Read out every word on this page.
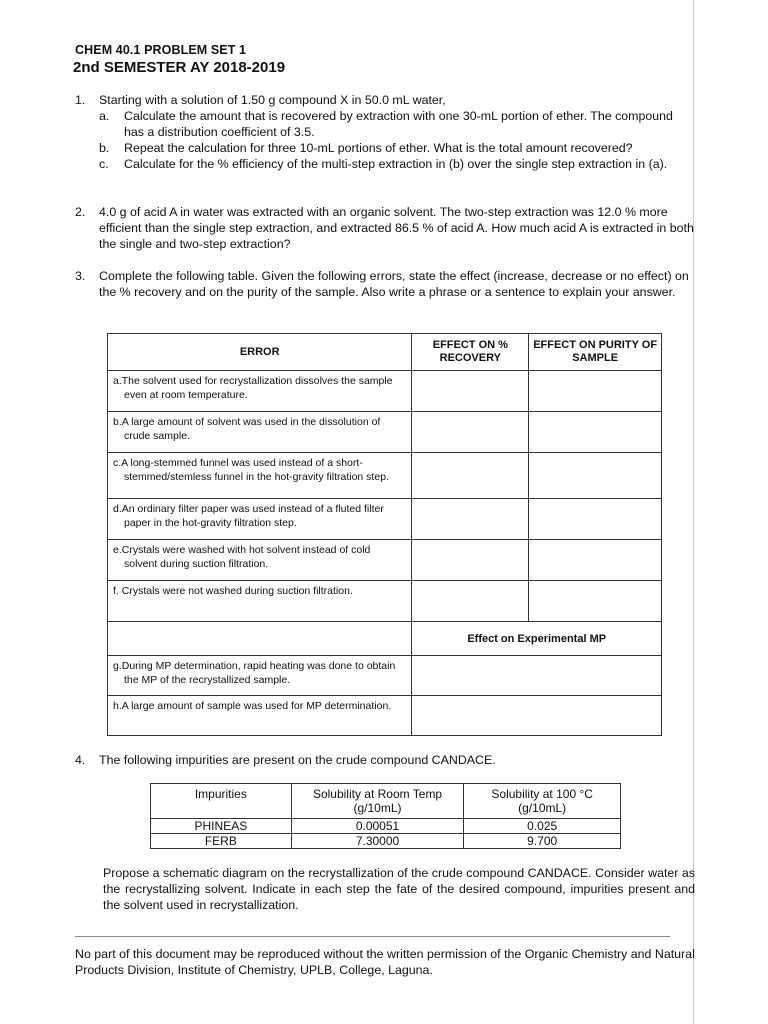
CHEM 40.1 PROBLEM SET 1
2nd SEMESTER AY 2018-2019
1. Starting with a solution of 1.50 g compound X in 50.0 mL water,
a. Calculate the amount that is recovered by extraction with one 30-mL portion of ether. The compound has a distribution coefficient of 3.5.
b. Repeat the calculation for three 10-mL portions of ether. What is the total amount recovered?
c. Calculate for the % efficiency of the multi-step extraction in (b) over the single step extraction in (a).
2. 4.0 g of acid A in water was extracted with an organic solvent. The two-step extraction was 12.0 % more efficient than the single step extraction, and extracted 86.5 % of acid A. How much acid A is extracted in both the single and two-step extraction?
3. Complete the following table. Given the following errors, state the effect (increase, decrease or no effect) on the % recovery and on the purity of the sample. Also write a phrase or a sentence to explain your answer.
ERROR	EFFECT ON % RECOVERY	EFFECT ON PURITY OF SAMPLE
a.The solvent used for recrystallization dissolves the sample even at room temperature.		
b.A large amount of solvent was used in the dissolution of crude sample.		
c.A long-stemmed funnel was used instead of a short-stemmed/stemless funnel in the hot-gravity filtration step.		
d.An ordinary filter paper was used instead of a fluted filter paper in the hot-gravity filtration step.		
e.Crystals were washed with hot solvent instead of cold solvent during suction filtration.		
f. Crystals were not washed during suction filtration.		
	Effect on Experimental MP	
g.During MP determination, rapid heating was done to obtain the MP of the recrystallized sample.		
h.A large amount of sample was used for MP determination.		
4. The following impurities are present on the crude compound CANDACE.
Impurities	Solubility at Room Temp (g/10mL)	Solubility at 100 °C (g/10mL)
PHINEAS	0.00051	0.025
FERB	7.30000	9.700
Propose a schematic diagram on the recrystallization of the crude compound CANDACE. Consider water as the recrystallizing solvent. Indicate in each step the fate of the desired compound, impurities present and the solvent used in recrystallization.
No part of this document may be reproduced without the written permission of the Organic Chemistry and Natural Products Division, Institute of Chemistry, UPLB, College, Laguna.
